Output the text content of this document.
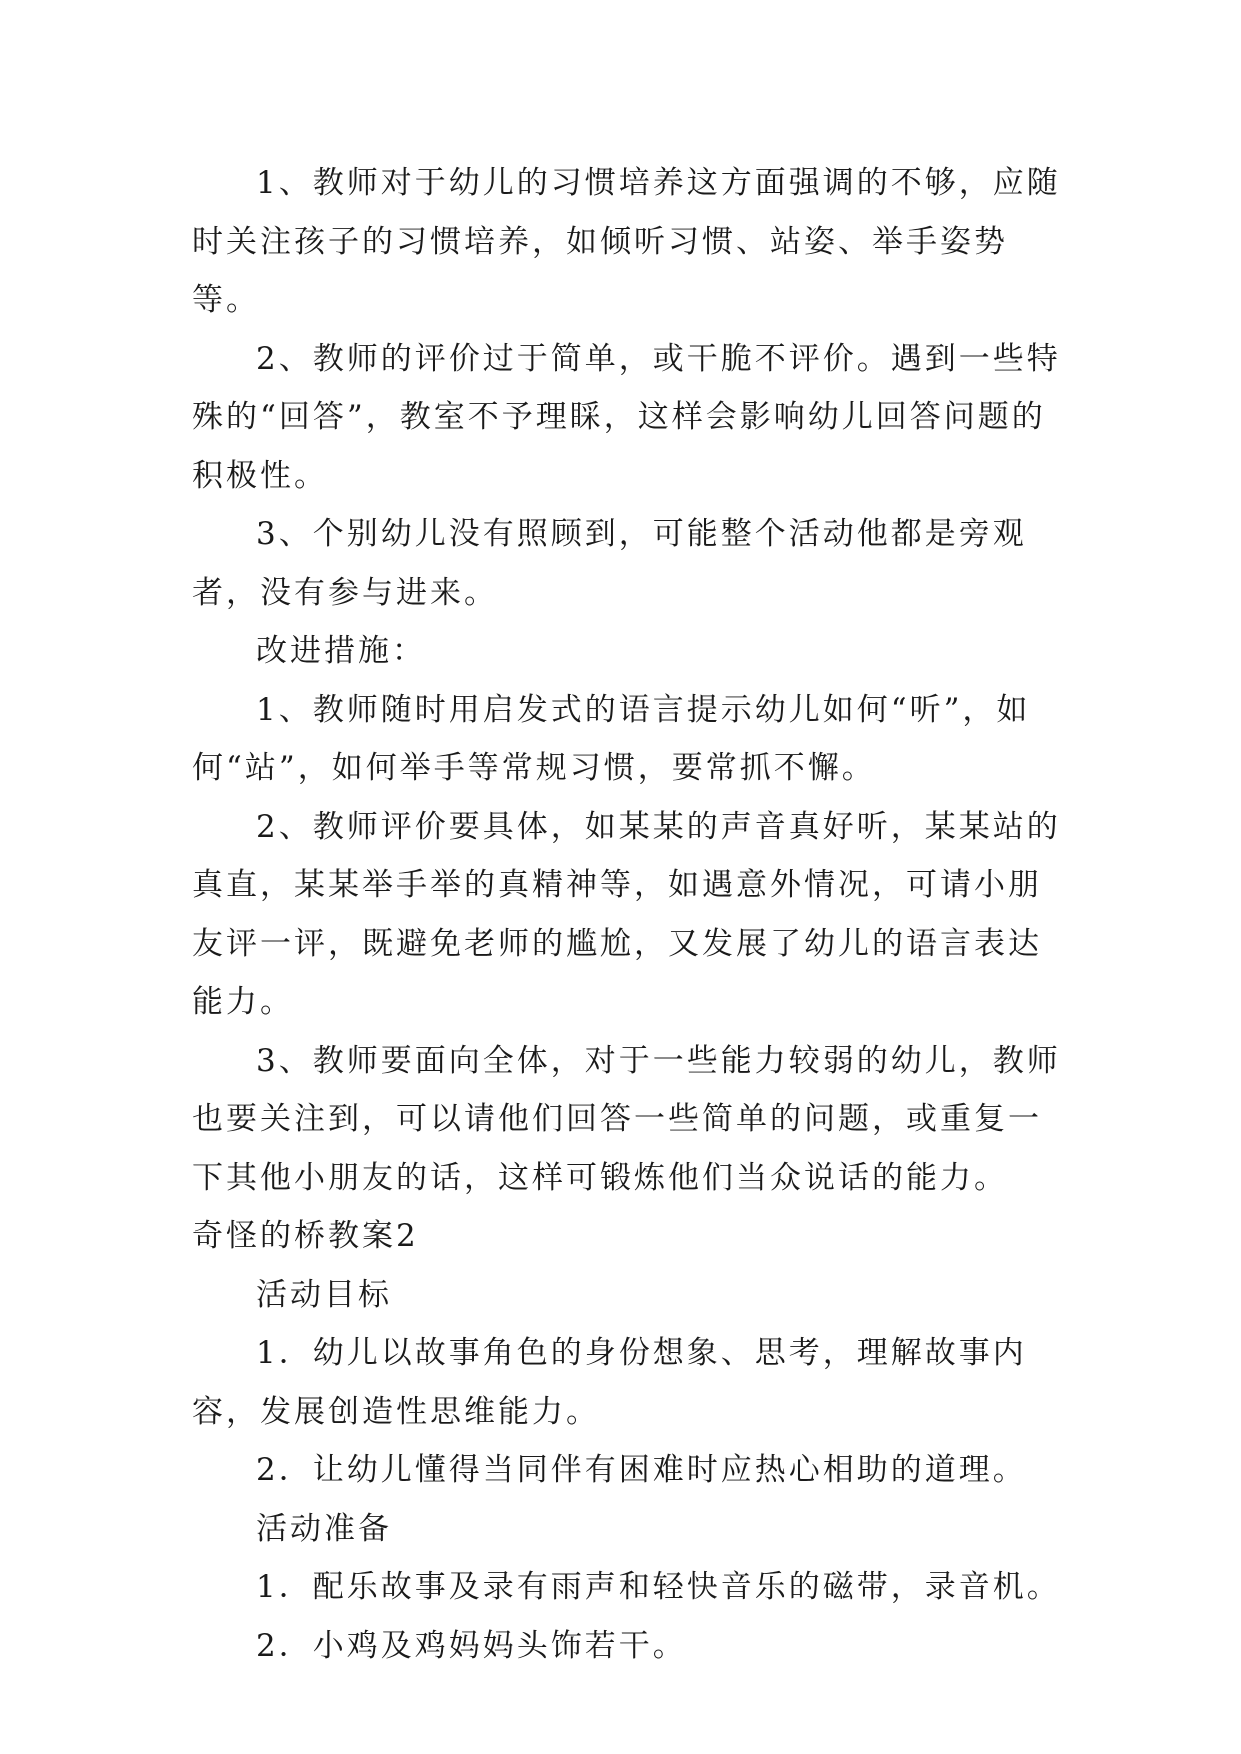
1、教师对于幼儿的习惯培养这方面强调的不够，应随时关注孩子的习惯培养，如倾听习惯、站姿、举手姿势等。

2、教师的评价过于简单，或干脆不评价。遇到一些特殊的“回答”，教室不予理睬，这样会影响幼儿回答问题的积极性。

3、个别幼儿没有照顾到，可能整个活动他都是旁观者，没有参与进来。

改进措施：

1、教师随时用启发式的语言提示幼儿如何“听”，如何“站”，如何举手等常规习惯，要常抓不懈。

2、教师评价要具体，如某某的声音真好听，某某站的真直，某某举手举的真精神等，如遇意外情况，可请小朋友评一评，既避免老师的尴尬，又发展了幼儿的语言表达能力。

3、教师要面向全体，对于一些能力较弱的幼儿，教师也要关注到，可以请他们回答一些简单的问题，或重复一下其他小朋友的话，这样可锻炼他们当众说话的能力。

奇怪的桥教案2

活动目标

1．幼儿以故事角色的身份想象、思考，理解故事内容，发展创造性思维能力。

2．让幼儿懂得当同伴有困难时应热心相助的道理。

活动准备

1．配乐故事及录有雨声和轻快音乐的磁带，录音机。

2．小鸡及鸡妈妈头饰若干。
